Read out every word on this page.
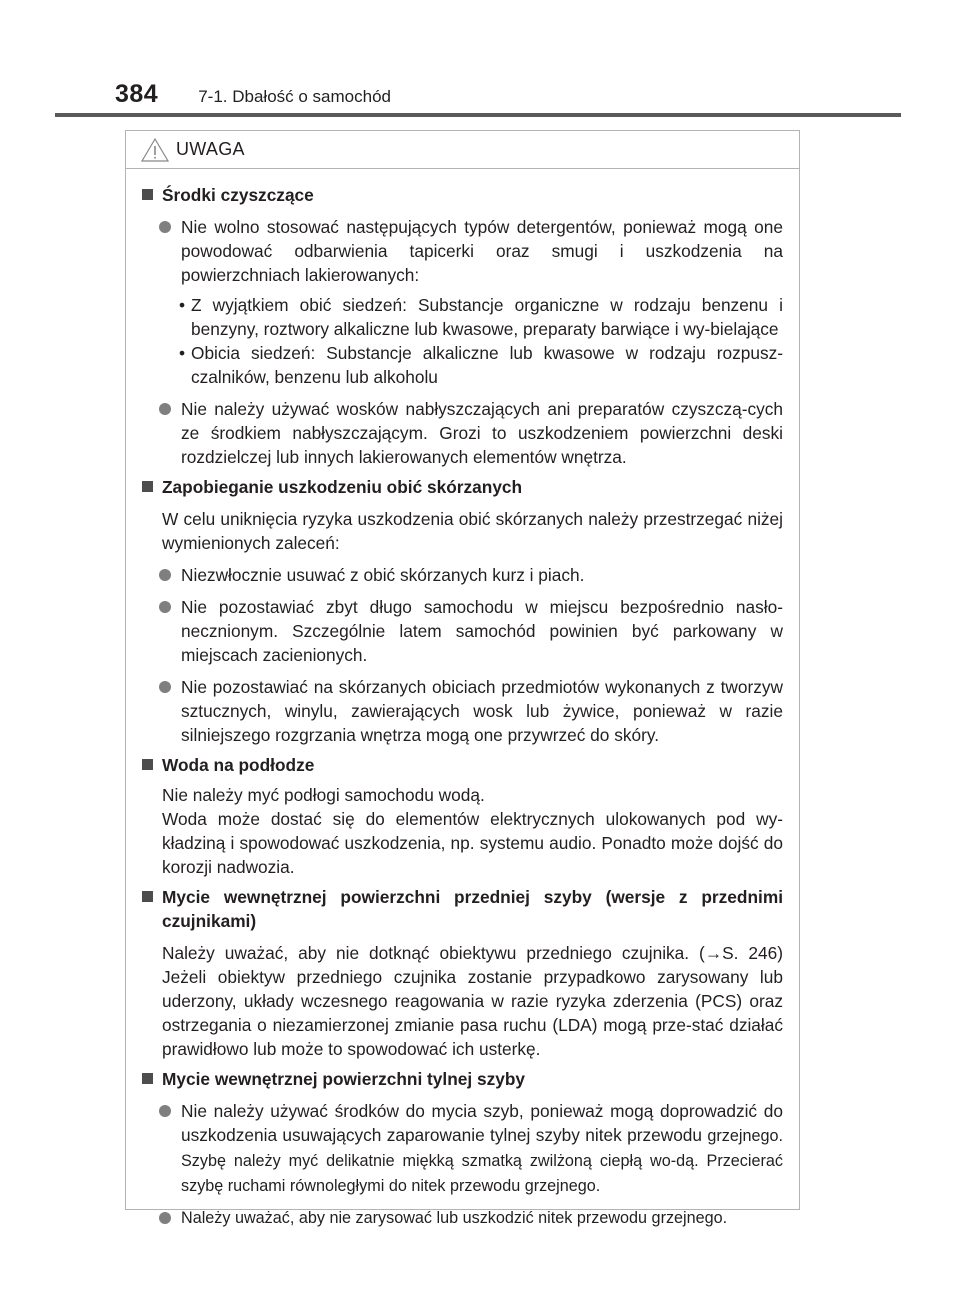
384 7-1. Dbałość o samochód
UWAGA
Środki czyszczące
Nie wolno stosować następujących typów detergentów, ponieważ mogą one powodować odbarwienia tapicerki oraz smugi i uszkodzenia na powierzchniach lakierowanych:
• Z wyjątkiem obić siedzeń: Substancje organiczne w rodzaju benzenu i benzyny, roztwory alkaliczne lub kwasowe, preparaty barwiące i wy-bielające
• Obicia siedzeń: Substancje alkaliczne lub kwasowe w rodzaju rozpusz-czalników, benzenu lub alkoholu
Nie należy używać wosków nabłyszczających ani preparatów czyszczą-cych ze środkiem nabłyszczającym. Grozi to uszkodzeniem powierzchni deski rozdzielczej lub innych lakierowanych elementów wnętrza.
Zapobieganie uszkodzeniu obić skórzanych
W celu uniknięcia ryzyka uszkodzenia obić skórzanych należy przestrzegać niżej wymienionych zaleceń:
Niezwłocznie usuwać z obić skórzanych kurz i piach.
Nie pozostawiać zbyt długo samochodu w miejscu bezpośrednio nasło-necznionym. Szczególnie latem samochód powinien być parkowany w miejscach zacienionych.
Nie pozostawiać na skórzanych obiciach przedmiotów wykonanych z tworzyw sztucznych, winylu, zawierających wosk lub żywice, ponieważ w razie silniejszego rozgrzania wnętrza mogą one przywrzeć do skóry.
Woda na podłodze
Nie należy myć podłogi samochodu wodą.
Woda może dostać się do elementów elektrycznych ulokowanych pod wy-kładziną i spowodować uszkodzenia, np. systemu audio. Ponadto może dojść do korozji nadwozia.
Mycie wewnętrznej powierzchni przedniej szyby (wersje z przednimi czujnikami)
Należy uważać, aby nie dotknąć obiektywu przedniego czujnika. (→S. 246) Jeżeli obiektyw przedniego czujnika zostanie przypadkowo zarysowany lub uderzony, układy wczesnego reagowania w razie ryzyka zderzenia (PCS) oraz ostrzegania o niezamierzonej zmianie pasa ruchu (LDA) mogą prze-stać działać prawidłowo lub może to spowodować ich usterkę.
Mycie wewnętrznej powierzchni tylnej szyby
Nie należy używać środków do mycia szyb, ponieważ mogą doprowadzić do uszkodzenia usuwających zaparowanie tylnej szyby nitek przewodu grzejnego. Szybę należy myć delikatnie miękką szmatką zwilżoną ciepłą wo-dą. Przecierać szybę ruchami równoległymi do nitek przewodu grzejnego.
Należy uważać, aby nie zarysować lub uszkodzić nitek przewodu grzejnego.
